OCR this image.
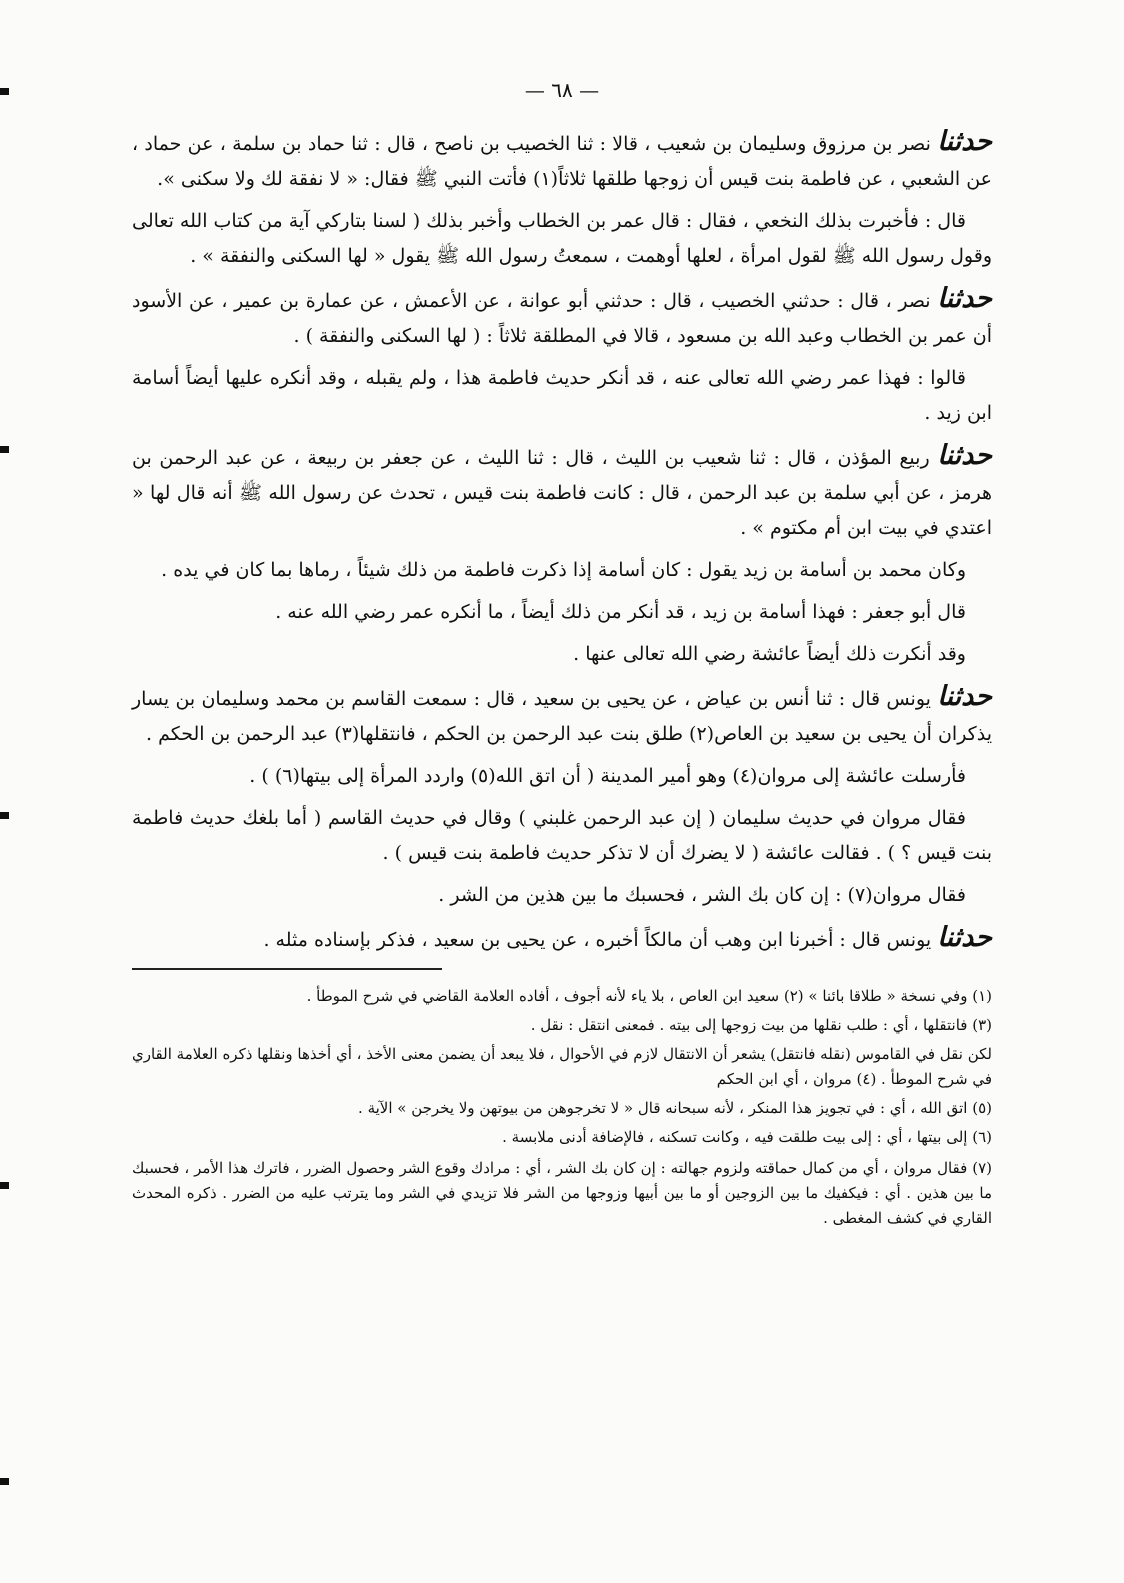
— ٦٨ —

حدثنا نصر بن مرزوق وسليمان بن شعيب ، قالا : ثنا الخصيب بن ناصح ، قال : ثنا حماد بن سلمة ، عن حماد ، عن الشعبي ، عن فاطمة بنت قيس أن زوجها طلقها ثلاثاً(١) فأتت النبي ﷺ فقال: « لا نفقة لك ولا سكنى ».

قال : فأخبرت بذلك النخعي ، فقال : قال عمر بن الخطاب وأخبر بذلك ( لسنا بتاركي آية من كتاب الله تعالى وقول رسول الله ﷺ لقول امرأة ، لعلها أوهمت ، سمعتُ رسول الله ﷺ يقول « لها السكنى والنفقة » .

حدثنا نصر ، قال : حدثني الخصيب ، قال : حدثني أبو عوانة ، عن الأعمش ، عن عمارة بن عمير ، عن الأسود أن عمر بن الخطاب وعبد الله بن مسعود ، قالا في المطلقة ثلاثاً : ( لها السكنى والنفقة ) .

قالوا : فهذا عمر رضي الله تعالى عنه ، قد أنكر حديث فاطمة هذا ، ولم يقبله ، وقد أنكره عليها أيضاً أسامة ابن زيد .

حدثنا ربيع المؤذن ، قال : ثنا شعيب بن الليث ، قال : ثنا الليث ، عن جعفر بن ربيعة ، عن عبد الرحمن بن هرمز ، عن أبي سلمة بن عبد الرحمن ، قال : كانت فاطمة بنت قيس ، تحدث عن رسول الله ﷺ أنه قال لها « اعتدي في بيت ابن أم مكتوم » .

وكان محمد بن أسامة بن زيد يقول : كان أسامة إذا ذكرت فاطمة من ذلك شيئاً ، رماها بما كان في يده .

قال أبو جعفر : فهذا أسامة بن زيد ، قد أنكر من ذلك أيضاً ، ما أنكره عمر رضي الله عنه .

وقد أنكرت ذلك أيضاً عائشة رضي الله تعالى عنها .

حدثنا يونس قال : ثنا أنس بن عياض ، عن يحيى بن سعيد ، قال : سمعت القاسم بن محمد وسليمان بن يسار يذكران أن يحيى بن سعيد بن العاص(٢) طلق بنت عبد الرحمن بن الحكم ، فانتقلها(٣) عبد الرحمن بن الحكم .

فأرسلت عائشة إلى مروان(٤) وهو أمير المدينة ( أن اتق الله(٥) واردد المرأة إلى بيتها(٦) ) .

فقال مروان في حديث سليمان ( إن عبد الرحمن غلبني ) وقال في حديث القاسم ( أما بلغك حديث فاطمة بنت قيس ؟ ) . فقالت عائشة ( لا يضرك أن لا تذكر حديث فاطمة بنت قيس ) .

فقال مروان(٧) : إن كان بك الشر ، فحسبك ما بين هذين من الشر .

حدثنا يونس قال : أخبرنا ابن وهب أن مالكاً أخبره ، عن يحيى بن سعيد ، فذكر بإسناده مثله .

(١) وفي نسخة « طلاقا بائنا » (٢) سعيد ابن العاص ، بلا ياء لأنه أجوف ، أفاده العلامة القاضي في شرح الموطأ .

(٣) فانتقلها ، أي : طلب نقلها من بيت زوجها إلى بيته . فمعنى انتقل : نقل .

لكن نقل في القاموس (نقله فانتقل) يشعر أن الانتقال لازم في الأحوال ، فلا يبعد أن يضمن معنى الأخذ ، أي أخذها ونقلها ذكره العلامة القاري في شرح الموطأ . (٤) مروان ، أي ابن الحكم

(٥) اتق الله ، أي : في تجويز هذا المنكر ، لأنه سبحانه قال « لا تخرجوهن من بيوتهن ولا يخرجن » الآية .

(٦) إلى بيتها ، أي : إلى بيت طلقت فيه ، وكانت تسكنه ، فالإضافة أدنى ملابسة .

(٧) فقال مروان ، أي من كمال حماقته ولزوم جهالته : إن كان بك الشر ، أي : مرادك وقوع الشر وحصول الضرر ، فاترك هذا الأمر ، فحسبك ما بين هذين . أي : فيكفيك ما بين الزوجين أو ما بين أبيها وزوجها من الشر فلا تزيدي في الشر وما يترتب عليه من الضرر . ذكره المحدث القاري في كشف المغطى .
